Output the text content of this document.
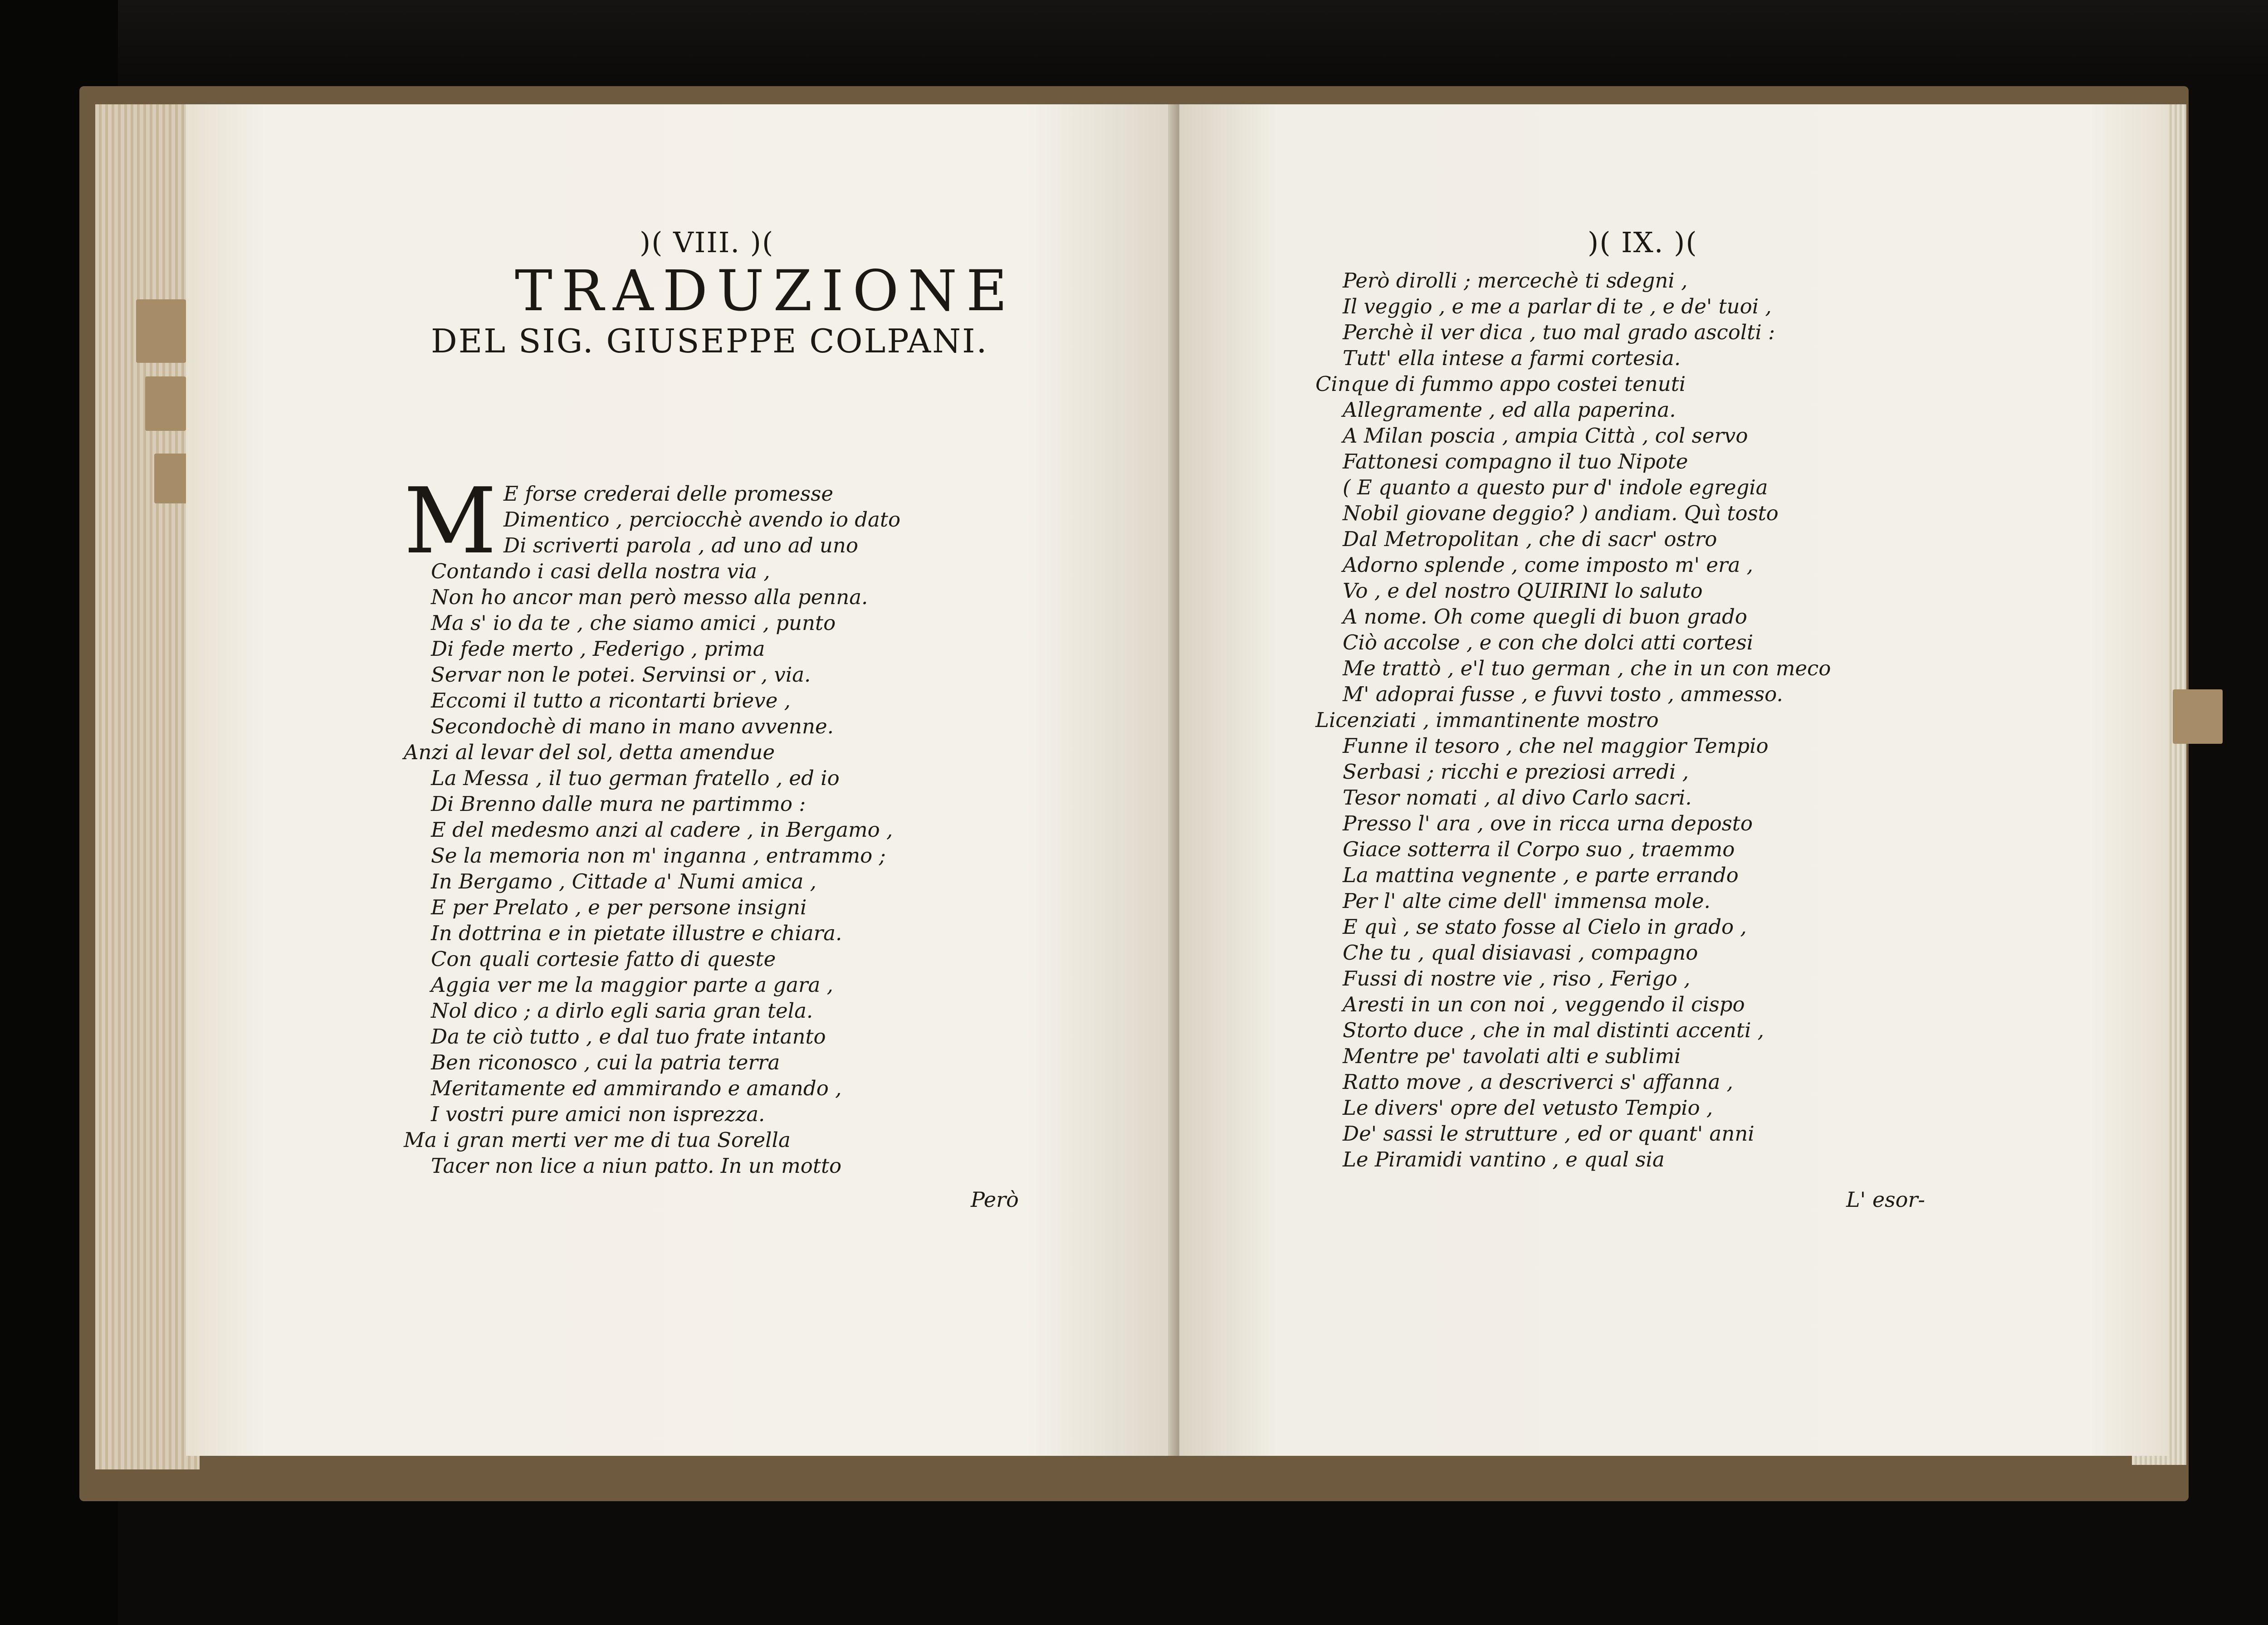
)( VIII. )(
TRADUZIONE
DEL SIG. GIUSEPPE COLPANI.
M E forse crederai delle promesse
Dimentico , perciocchè avendo io dato
Di scriverti parola , ad uno ad uno
Contando i casi della nostra via ,
Non ho ancor man però messo alla penna.
Ma s' io da te , che siamo amici , punto
Di fede merto , Federigo , prima
Servar non le potei. Servinsi or , via.
Eccomi il tutto a ricontarti brieve ,
Secondochè di mano in mano avvenne.
Anzi al levar del sol, detta amendue
La Messa , il tuo german fratello , ed io
Di Brenno dalle mura ne partimmo :
E del medesmo anzi al cadere , in Bergamo ,
Se la memoria non m' inganna , entrammo ;
In Bergamo , Cittade a' Numi amica ,
E per Prelato , e per persone insigni
In dottrina e in pietate illustre e chiara.
Con quali cortesie fatto di queste
Aggia ver me la maggior parte a gara ,
Nol dico ; a dirlo egli saria gran tela.
Da te ciò tutto , e dal tuo frate intanto
Ben riconosco , cui la patria terra
Meritamente ed ammirando e amando ,
I vostri pure amici non isprezza.
Ma i gran merti ver me di tua Sorella
Tacer non lice a niun patto. In un motto
Però
)( IX. )(
Però dirolli ; mercechè ti sdegni ,
Il veggio , e me a parlar di te , e de' tuoi ,
Perchè il ver dica , tuo mal grado ascolti :
Tutt' ella intese a farmi cortesia.
Cinque di fummo appo costei tenuti
Allegramente , ed alla paperina.
A Milan poscia , ampia Città , col servo
Fattonesi compagno il tuo Nipote
( E quanto a questo pur d' indole egregia
Nobil giovane deggio? ) andiam. Quì tosto
Dal Metropolitan , che di sacr' ostro
Adorno splende , come imposto m' era ,
Vo , e del nostro QUIRINI lo saluto
A nome. Oh come quegli di buon grado
Ciò accolse , e con che dolci atti cortesi
Me trattò , e'l tuo german , che in un con meco
M' adoprai fusse , e fuvvi tosto , ammesso.
Licenziati , immantinente mostro
Funne il tesoro , che nel maggior Tempio
Serbasi ; ricchi e preziosi arredi ,
Tesor nomati , al divo Carlo sacri.
Presso l' ara , ove in ricca urna deposto
Giace sotterra il Corpo suo , traemmo
La mattina vegnente , e parte errando
Per l' alte cime dell' immensa mole.
E quì , se stato fosse al Cielo in grado ,
Che tu , qual disiavasi , compagno
Fussi di nostre vie , riso , Ferigo ,
Aresti in un con noi , veggendo il cispo
Storto duce , che in mal distinti accenti ,
Mentre pe' tavolati alti e sublimi
Ratto move , a descriverci s' affanna ,
Le divers' opre del vetusto Tempio ,
De' sassi le strutture , ed or quant' anni
Le Piramidi vantino , e qual sia
L' esor-
